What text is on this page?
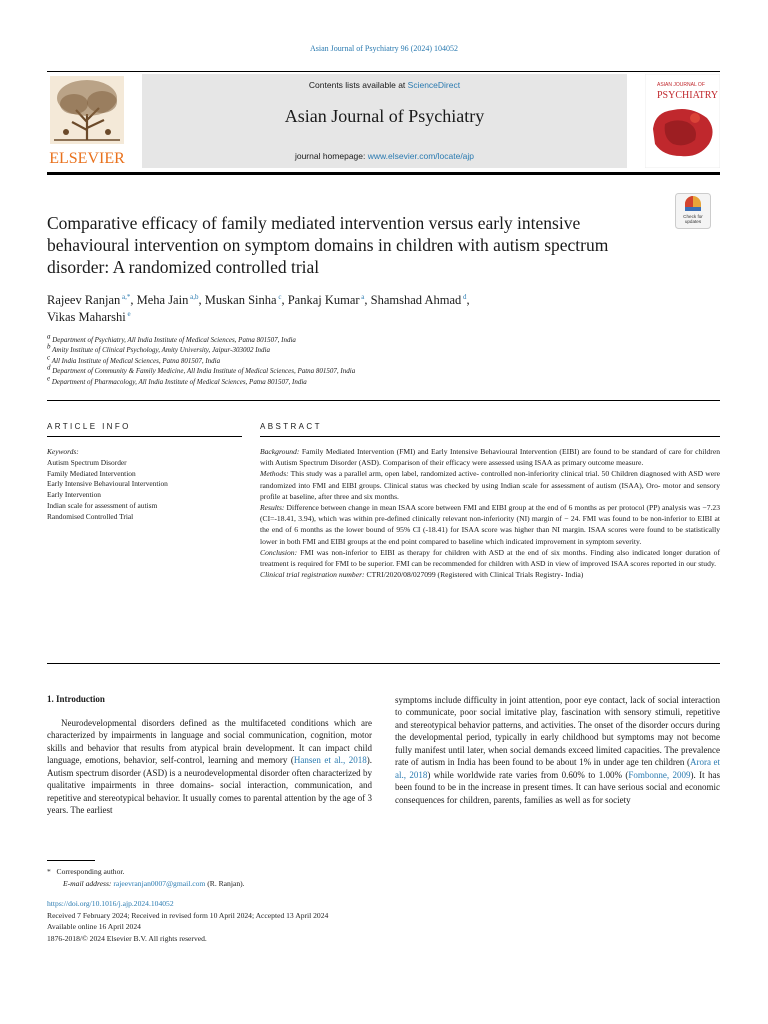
Asian Journal of Psychiatry 96 (2024) 104052
ELSEVIER
Contents lists available at ScienceDirect
Asian Journal of Psychiatry
journal homepage: www.elsevier.com/locate/ajp
ASIAN JOURNAL OF
PSYCHIATRY
Comparative efficacy of family mediated intervention versus early intensive behavioural intervention on symptom domains in children with autism spectrum disorder: A randomized controlled trial
Check for updates
Rajeev Ranjan $^{a,*}$, Meha Jain $^{a,b}$, Muskan Sinha $^c$, Pankaj Kumar $^a$, Shamshad Ahmad $^d$,
Vikas Maharshi $^e$
$^a$ Department of Psychiatry, All India Institute of Medical Sciences, Patna 801507, India
$^b$ Amity Institute of Clinical Psychology, Amity University, Jaipur-303002 India
$^c$ All India Institute of Medical Sciences, Patna 801507, India
$^d$ Department of Community & Family Medicine, All India Institute of Medical Sciences, Patna 801507, India
$^e$ Department of Pharmacology, All India Institute of Medical Sciences, Patna 801507, India
ARTICLE INFO	ABSTRACT
Keywords:
Autism Spectrum Disorder
Family Mediated Intervention
Early Intensive Behavioural Intervention
Early Intervention
Indian scale for assessment of autism
Randomised Controlled Trial
Background: Family Mediated Intervention (FMI) and Early Intensive Behavioural Intervention (EIBI) are found to be standard of care for children with Autism Spectrum Disorder (ASD). Comparison of their efficacy were assessed using ISAA as primary outcome measure.
Methods: This study was a parallel arm, open label, randomized active- controlled non-inferiority clinical trial. 50 Children diagnosed with ASD were randomized into FMI and EIBI groups. Clinical status was checked by using Indian scale for assessment of autism (ISAA), Oro- motor and sensory profile at baseline, after three and six months.
Results: Difference between change in mean ISAA score between FMI and EIBI group at the end of 6 months as per protocol (PP) analysis was −7.23 (CI=-18.41, 3.94), which was within pre-defined clinically relevant non-inferiority (NI) margin of − 24. FMI was found to be non-inferior to EIBI at the end of 6 months as the lower bound of 95% CI (-18.41) for ISAA score was higher than NI margin. ISAA scores were found to be statistically lower in both FMI and EIBI groups at the end point compared to baseline which indicated improvement in symptom severity.
Conclusion: FMI was non-inferior to EIBI as therapy for children with ASD at the end of six months. Finding also indicated longer duration of treatment is required for FMI to be superior. FMI can be recommended for children with ASD in view of improved ISAA scores reported in our study.
Clinical trial registration number: CTRI/2020/08/027099 (Registered with Clinical Trials Registry- India)
1. Introduction
Neurodevelopmental disorders defined as the multifaceted conditions which are characterized by impairments in language and social communication, cognition, motor skills and behavior that results from atypical brain development. It can impact child language, emotions, behavior, self-control, learning and memory (Hansen et al., 2018). Autism spectrum disorder (ASD) is a neurodevelopmental disorder often characterized by qualitative impairments in three domains- social interaction, communication, and repetitive and stereotypical behavior. It usually comes to parental attention by the age of 3 years. The earliest
symptoms include difficulty in joint attention, poor eye contact, lack of social interaction to communicate, poor social imitative play, fascination with sensory stimuli, repetitive and stereotypical behavior patterns, and activities. The onset of the disorder occurs during the developmental period, typically in early childhood but symptoms may not become fully manifest until later, when social demands exceed limited capacities. The prevalence rate of autism in India has been found to be about 1% in under age ten children (Arora et al., 2018) while worldwide rate varies from 0.60% to 1.00% (Fombonne, 2009). It has been found to be in the increase in present times. It can have serious social and economic consequences for children, parents, families as well as for society
* Corresponding author.
E-mail address: rajeevranjan0007@gmail.com (R. Ranjan).
https://doi.org/10.1016/j.ajp.2024.104052
Received 7 February 2024; Received in revised form 10 April 2024; Accepted 13 April 2024
Available online 16 April 2024
1876-2018/© 2024 Elsevier B.V. All rights reserved.
